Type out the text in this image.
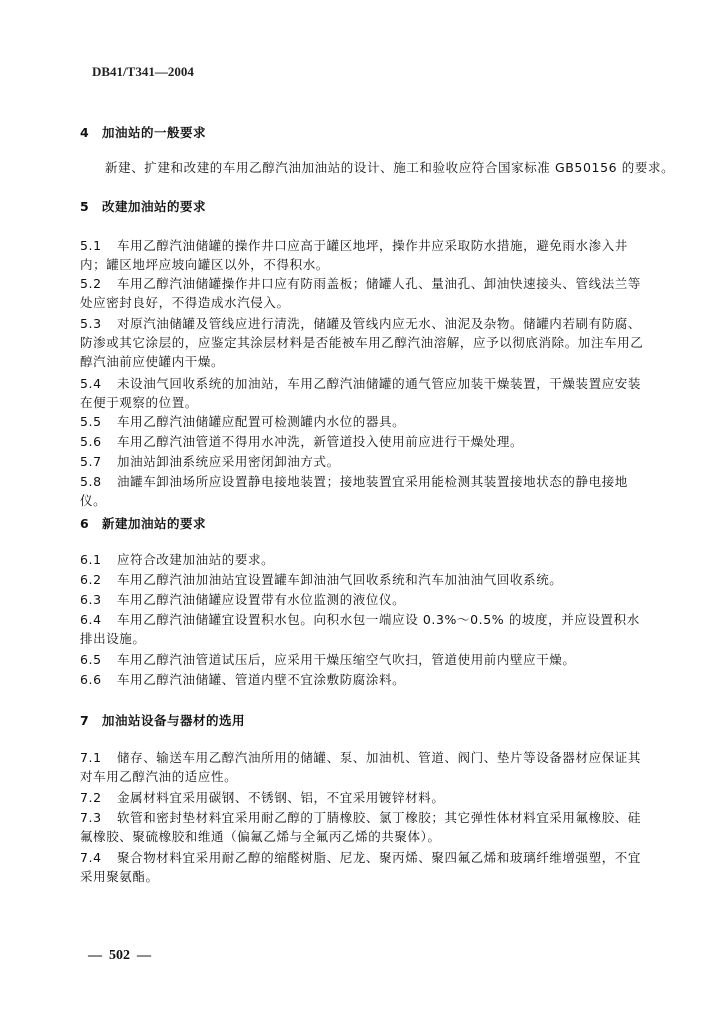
DB41/T341—2004
4 加油站的一般要求
新建、扩建和改建的车用乙醇汽油加油站的设计、施工和验收应符合国家标准 GB50156 的要求。
5 改建加油站的要求
5.1 车用乙醇汽油储罐的操作井口应高于罐区地坪，操作井应采取防水措施，避免雨水渗入井内；罐区地坪应坡向罐区以外，不得积水。
5.2 车用乙醇汽油储罐操作井口应有防雨盖板；储罐人孔、量油孔、卸油快速接头、管线法兰等处应密封良好，不得造成水汽侵入。
5.3 对原汽油储罐及管线应进行清洗，储罐及管线内应无水、油泥及杂物。储罐内若刷有防腐、防渗或其它涂层的，应鉴定其涂层材料是否能被车用乙醇汽油溶解，应予以彻底消除。加注车用乙醇汽油前应使罐内干燥。
5.4 未设油气回收系统的加油站，车用乙醇汽油储罐的通气管应加装干燥装置，干燥装置应安装在便于观察的位置。
5.5 车用乙醇汽油储罐应配置可检测罐内水位的器具。
5.6 车用乙醇汽油管道不得用水冲洗，新管道投入使用前应进行干燥处理。
5.7 加油站卸油系统应采用密闭卸油方式。
5.8 油罐车卸油场所应设置静电接地装置；接地装置宜采用能检测其装置接地状态的静电接地仪。
6 新建加油站的要求
6.1 应符合改建加油站的要求。
6.2 车用乙醇汽油加油站宜设置罐车卸油油气回收系统和汽车加油油气回收系统。
6.3 车用乙醇汽油储罐应设置带有水位监测的液位仪。
6.4 车用乙醇汽油储罐宜设置积水包。向积水包一端应设 0.3%～0.5% 的坡度，并应设置积水排出设施。
6.5 车用乙醇汽油管道试压后，应采用干燥压缩空气吹扫，管道使用前内壁应干燥。
6.6 车用乙醇汽油储罐、管道内壁不宜涂敷防腐涂料。
7 加油站设备与器材的选用
7.1 储存、输送车用乙醇汽油所用的储罐、泵、加油机、管道、阀门、垫片等设备器材应保证其对车用乙醇汽油的适应性。
7.2 金属材料宜采用碳钢、不锈钢、铝，不宜采用镀锌材料。
7.3 软管和密封垫材料宜采用耐乙醇的丁腈橡胶、氯丁橡胶；其它弹性体材料宜采用氟橡胶、硅氟橡胶、聚硫橡胶和维通（偏氟乙烯与全氟丙乙烯的共聚体）。
7.4 聚合物材料宜采用耐乙醇的缩醛树脂、尼龙、聚丙烯、聚四氟乙烯和玻璃纤维增强塑，不宜采用聚氨酯。
—  502  —
